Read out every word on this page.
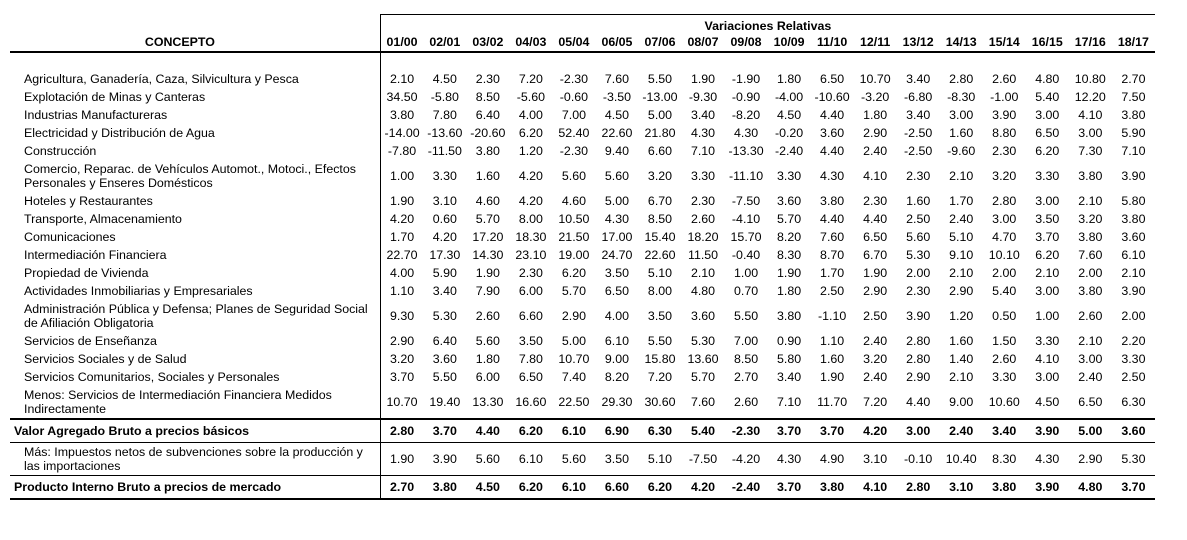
	Variaciones Relativas																	
CONCEPTO	01/00	02/01	03/02	04/03	05/04	06/05	07/06	08/07	09/08	10/09	11/10	12/11	13/12	14/13	15/14	16/15	17/16	18/17

Agricultura, Ganadería, Caza, Silvicultura y Pesca	2.10	4.50	2.30	7.20	-2.30	7.60	5.50	1.90	-1.90	1.80	6.50	10.70	3.40	2.80	2.60	4.80	10.80	2.70
Explotación de Minas y Canteras	34.50	-5.80	8.50	-5.60	-0.60	-3.50	-13.00	-9.30	-0.90	-4.00	-10.60	-3.20	-6.80	-8.30	-1.00	5.40	12.20	7.50
Industrias Manufactureras	3.80	7.80	6.40	4.00	7.00	4.50	5.00	3.40	-8.20	4.50	4.40	1.80	3.40	3.00	3.90	3.00	4.10	3.80
Electricidad y Distribución de Agua	-14.00	-13.60	-20.60	6.20	52.40	22.60	21.80	4.30	4.30	-0.20	3.60	2.90	-2.50	1.60	8.80	6.50	3.00	5.90
Construcción	-7.80	-11.50	3.80	1.20	-2.30	9.40	6.60	7.10	-13.30	-2.40	4.40	2.40	-2.50	-9.60	2.30	6.20	7.30	7.10
Comercio, Reparac. de Vehículos Automot., Motoci., Efectos Personales y Enseres Domésticos	1.00	3.30	1.60	4.20	5.60	5.60	3.20	3.30	-11.10	3.30	4.30	4.10	2.30	2.10	3.20	3.30	3.80	3.90
Hoteles y Restaurantes	1.90	3.10	4.60	4.20	4.60	5.00	6.70	2.30	-7.50	3.60	3.80	2.30	1.60	1.70	2.80	3.00	2.10	5.80
Transporte, Almacenamiento	4.20	0.60	5.70	8.00	10.50	4.30	8.50	2.60	-4.10	5.70	4.40	4.40	2.50	2.40	3.00	3.50	3.20	3.80
Comunicaciones	1.70	4.20	17.20	18.30	21.50	17.00	15.40	18.20	15.70	8.20	7.60	6.50	5.60	5.10	4.70	3.70	3.80	3.60
Intermediación Financiera	22.70	17.30	14.30	23.10	19.00	24.70	22.60	11.50	-0.40	8.30	8.70	6.70	5.30	9.10	10.10	6.20	7.60	6.10
Propiedad de Vivienda	4.00	5.90	1.90	2.30	6.20	3.50	5.10	2.10	1.00	1.90	1.70	1.90	2.00	2.10	2.00	2.10	2.00	2.10
Actividades Inmobiliarias y Empresariales	1.10	3.40	7.90	6.00	5.70	6.50	8.00	4.80	0.70	1.80	2.50	2.90	2.30	2.90	5.40	3.00	3.80	3.90
Administración Pública y Defensa; Planes de Seguridad Social de Afiliación Obligatoria	9.30	5.30	2.60	6.60	2.90	4.00	3.50	3.60	5.50	3.80	-1.10	2.50	3.90	1.20	0.50	1.00	2.60	2.00
Servicios de Enseñanza	2.90	6.40	5.60	3.50	5.00	6.10	5.50	5.30	7.00	0.90	1.10	2.40	2.80	1.60	1.50	3.30	2.10	2.20
Servicios Sociales y de Salud	3.20	3.60	1.80	7.80	10.70	9.00	15.80	13.60	8.50	5.80	1.60	3.20	2.80	1.40	2.60	4.10	3.00	3.30
Servicios Comunitarios, Sociales y Personales	3.70	5.50	6.00	6.50	7.40	8.20	7.20	5.70	2.70	3.40	1.90	2.40	2.90	2.10	3.30	3.00	2.40	2.50
Menos: Servicios de Intermediación Financiera Medidos Indirectamente	10.70	19.40	13.30	16.60	22.50	29.30	30.60	7.60	2.60	7.10	11.70	7.20	4.40	9.00	10.60	4.50	6.50	6.30
Valor Agregado Bruto a precios básicos	2.80	3.70	4.40	6.20	6.10	6.90	6.30	5.40	-2.30	3.70	3.70	4.20	3.00	2.40	3.40	3.90	5.00	3.60
Más: Impuestos netos de subvenciones sobre la producción y las importaciones	1.90	3.90	5.60	6.10	5.60	3.50	5.10	-7.50	-4.20	4.30	4.90	3.10	-0.10	10.40	8.30	4.30	2.90	5.30
Producto Interno Bruto a precios de mercado	2.70	3.80	4.50	6.20	6.10	6.60	6.20	4.20	-2.40	3.70	3.80	4.10	2.80	3.10	3.80	3.90	4.80	3.70
